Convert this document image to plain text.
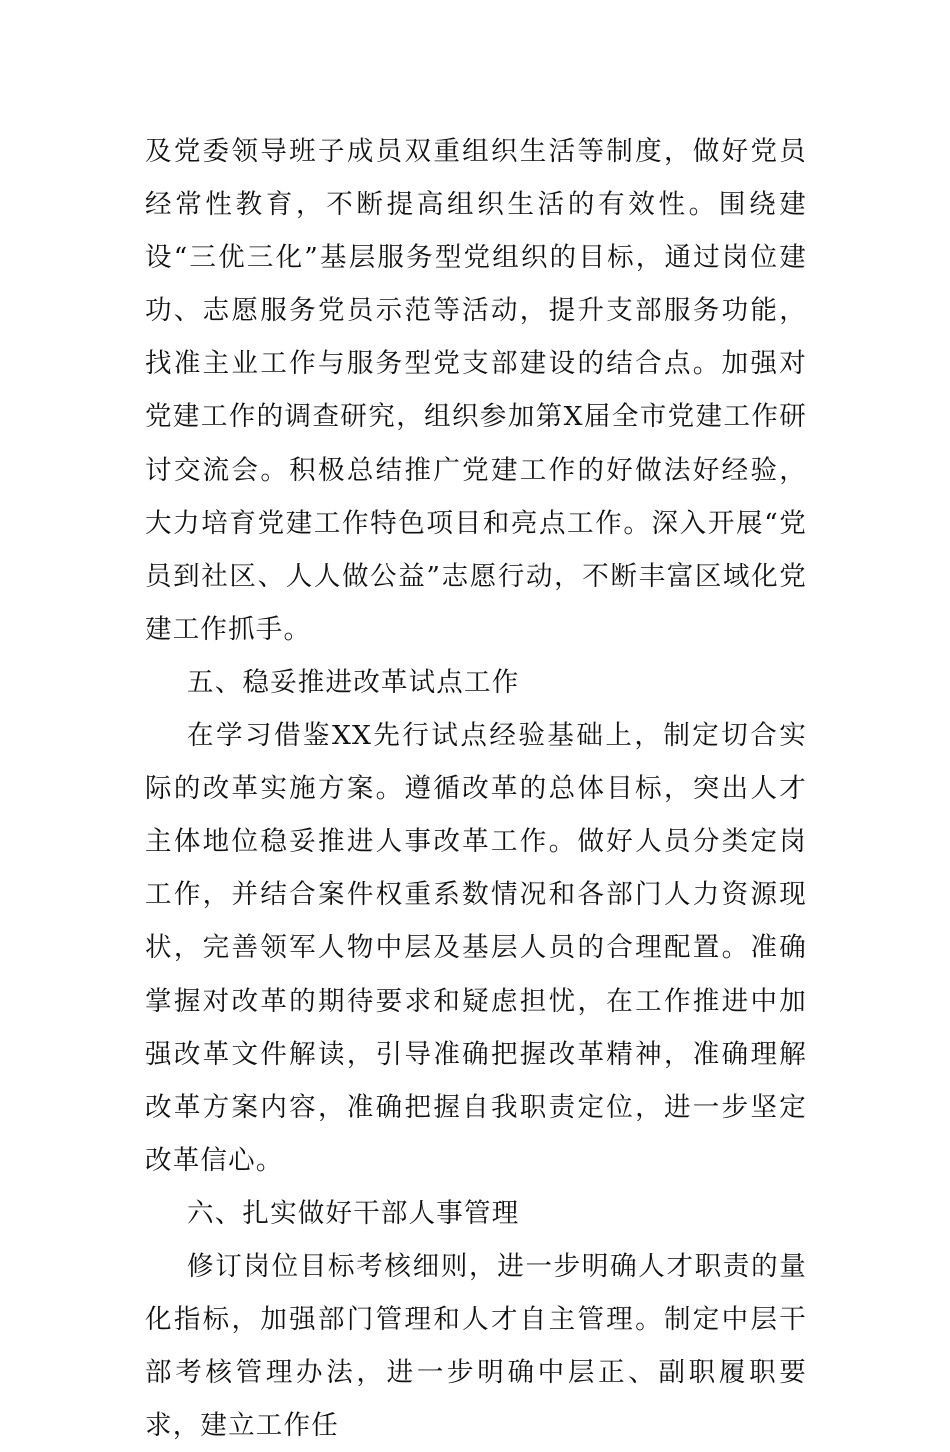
及党委领导班子成员双重组织生活等制度，做好党员经常性教育，不断提高组织生活的有效性。围绕建设“三优三化”基层服务型党组织的目标，通过岗位建功、志愿服务党员示范等活动，提升支部服务功能，找准主业工作与服务型党支部建设的结合点。加强对党建工作的调查研究，组织参加第X届全市党建工作研讨交流会。积极总结推广党建工作的好做法好经验，大力培育党建工作特色项目和亮点工作。深入开展“党员到社区、人人做公益”志愿行动，不断丰富区域化党建工作抓手。

五、稳妥推进改革试点工作

在学习借鉴XX先行试点经验基础上，制定切合实际的改革实施方案。遵循改革的总体目标，突出人才主体地位稳妥推进人事改革工作。做好人员分类定岗工作，并结合案件权重系数情况和各部门人力资源现状，完善领军人物中层及基层人员的合理配置。准确掌握对改革的期待要求和疑虑担忧，在工作推进中加强改革文件解读，引导准确把握改革精神，准确理解改革方案内容，准确把握自我职责定位，进一步坚定改革信心。

六、扎实做好干部人事管理

修订岗位目标考核细则，进一步明确人才职责的量化指标，加强部门管理和人才自主管理。制定中层干部考核管理办法，进一步明确中层正、副职履职要求，建立工作任
